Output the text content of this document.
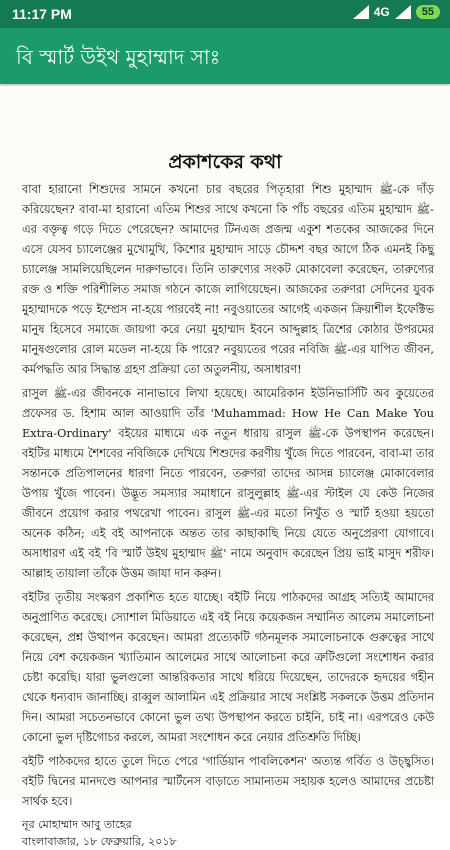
11:17 PM	4G	55
বি স্মার্ট উইথ মুহাম্মাদ সাঃ
প্রকাশকের কথা

বাবা হারানো শিশুদের সামনে কখনো চার বছরের পিতৃহারা শিশু মুহাম্মাদ ﷺ-কে দাঁড় করিয়েছেন? বাবা-মা হারানো এতিম শিশুর সাথে কখনো কি পাঁচ বছরের এতিম মুহাম্মাদ ﷺ-এর বক্তৃত্ব গড়ে দিতে পেরেছেন? আমাদের টিনএজ প্রজন্ম একুশ শতকের আজকের দিনে এসে যেসব চ্যালেঞ্জের মুখোমুখি, কিশোর মুহাম্মাদ সাড়ে চৌদ্দশ বছর আগে ঠিক এমনই কিছু চ্যালেঞ্জ সামলিয়েছিলেন দারুণভাবে। তিনি তারুণ্যের সংকট মোকাবেলা করেছেন, তারুণ্যের রক্ত ও শক্তি পরিশীলিত সমাজ গঠনে কাজে লাগিয়েছেন। আজকের তরুণরা সেদিনের যুবক মুহাম্মাদকে পড়ে ইম্প্রেস না-হয়ে পারবেই না! নবুওয়াতের আগেই একজন ক্রিয়াশীল ইফেক্টিভ মানুষ হিসেবে সমাজে জায়গা করে নেয়া মুহাম্মাদ ইবনে আব্দুল্লাহ ত্রিশের কোঠার উপরমের মানুষগুলোর রোল মডেল না-হয়ে কি পারে? নবুয়্যতের পরের নবিজি ﷺ-এর যাপিত জীবন, কর্মপদ্ধতি আর সিদ্ধান্ত গ্রহণ প্রক্রিয়া তো অতুলনীয়, অসাধারণ!

রাসুল ﷺ-এর জীবনকে নানাভাবে লিখা হয়েছে। আমেরিকান ইউনিভার্সিটি অব কুয়েতের প্রফেসর ড. হিশাম আল আওয়াদি তাঁর 'Muhammad: How He Can Make You Extra-Ordinary' বইয়ের মাধ্যমে এক নতুন ধারায় রাসুল ﷺ-কে উপস্থাপন করেছেন। বইটির মাধ্যমে শৈশবের নবিজিকে দেখিয়ে শিশুদের করণীয় খুঁজে দিতে পারবেন, বাবা-মা তার সন্তানকে প্রতিপালনের ধারণা নিতে পারবেন, তরুণরা তাদের আসন্ন চ্যালেঞ্জ মোকাবেলার উপায় খুঁজে পাবেন। উদ্ভূত সমস্যার সমাধানে রাসুলুল্লাহ ﷺ-এর স্টাইল যে কেউ নিজের জীবনে প্রয়োগ করার পথরেখা পাবেন। রাসুল ﷺ-এর মতো নিখুঁত ও স্মার্ট হওয়া হয়তো অনেক কঠিন; এই বই আপনাকে অন্তত তার কাছাকাছি নিয়ে যেতে অনুপ্রেরণা যোগাবে। অসাধারণ এই বই 'বি স্মার্ট উইথ মুহাম্মাদ ﷺ' নামে অনুবাদ করেছেন প্রিয় ভাই মাসুদ শরীফ। আল্লাহ তায়ালা তাঁকে উত্তম জাযা দান করুন।

বইটির তৃতীয় সংস্করণ প্রকাশিত হতে যাচ্ছে। বইটি নিয়ে পাঠকদের আগ্রহ সত্যিই আমাদের অনুপ্রাণিত করেছে। স্যোশাল মিডিয়াতে এই বই নিয়ে কয়েকজন সম্মানিত আলেম সমালোচনা করেছেন, প্রশ্ন উত্থাপন করেছেন। আমরা প্রত্যেকটি গঠনমূলক সমালোচনাকে গুরুত্বের সাথে নিয়ে বেশ কয়েকজন খ্যাতিমান আলেমের সাথে আলোচনা করে ত্রুটিগুলো সংশোধন করার চেষ্টা করেছি। যারা ভুলগুলো আন্তরিকতার সাথে ধরিয়ে দিয়েছেন, তাদেরকে হৃদয়ের গহীন থেকে ধন্যবাদ জানাচ্ছি। রাব্বুল আলামিন এই প্রক্রিয়ার সাথে সংশ্লিষ্ট সকলকে উত্তম প্রতিদান দিন। আমরা সচেতনভাবে কোনো ভুল তথ্য উপস্থাপন করতে চাইনি, চাই না। এরপরেও কেউ কোনো ভুল দৃষ্টিগোচর করলে, আমরা সংশোধন করে নেয়ার প্রতিশ্রুতি দিচ্ছি।

বইটি পাঠকদের হাতে তুলে দিতে পেরে 'গার্ডিয়ান পাবলিকেশন' অত্যন্ত গর্বিত ও উচ্ছ্বসিত। বইটি দ্বিনের মানদণ্ডে আপনার স্মার্টনেস বাড়াতে সামান্যতম সহায়ক হলেও আমাদের প্রচেষ্টা সার্থক হবে।

নূর মোহাম্মাদ আবু তাহের
বাংলাবাজার, ১৮ ফেব্রুয়ারি, ২০১৮
